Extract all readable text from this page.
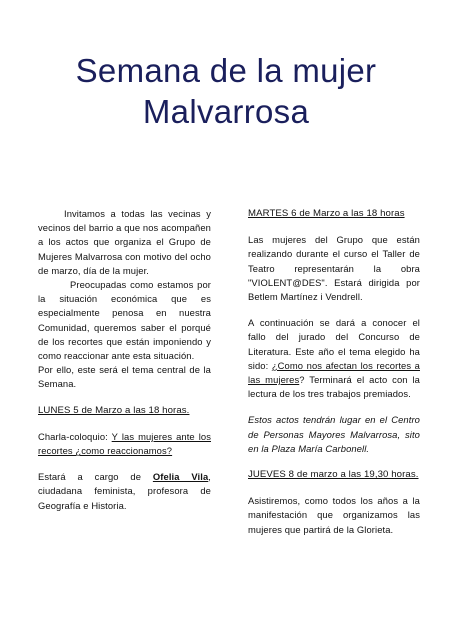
Semana de la mujer
Malvarrosa

Invitamos a todas las vecinas y vecinos del barrio a que nos acompañen a los actos que organiza el Grupo de Mujeres Malvarrosa con motivo del ocho de marzo, día de la mujer.

Preocupadas como estamos por la situación económica que es especialmente penosa en nuestra Comunidad, queremos saber el porqué de los recortes que están imponiendo y como reaccionar ante esta situación.

Por ello, este será el tema central de la Semana.

LUNES 5 de Marzo a las 18 horas.

Charla-coloquio: Y las mujeres ante los recortes ¿como reaccionamos?

Estará a cargo de Ofelia Vila, ciudadana feminista, profesora de Geografía e Historia.

MARTES 6 de Marzo a las 18 horas

Las mujeres del Grupo que están realizando durante el curso el Taller de Teatro representarán la obra "VIOLENT@DES". Estará dirigida por Betlem Martínez i Vendrell.

A continuación se dará a conocer el fallo del jurado del Concurso de Literatura. Este año el tema elegido ha sido: ¿Como nos afectan los recortes a las mujeres? Terminará el acto con la lectura de los tres trabajos premiados.

Estos actos tendrán lugar en el Centro de Personas Mayores Malvarrosa, sito en la Plaza María Carbonell.

JUEVES 8 de marzo a las 19,30 horas.

Asistiremos, como todos los años a la manifestación que organizamos las mujeres que partirá de la Glorieta.
